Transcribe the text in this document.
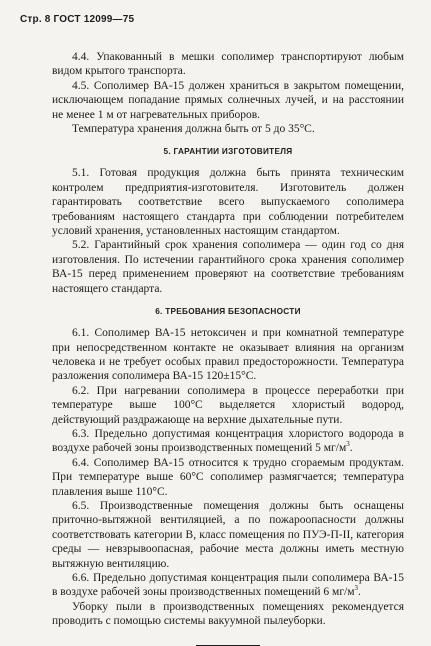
Стр. 8 ГОСТ 12099—75

4.4. Упакованный в мешки сополимер транспортируют любым видом крытого транспорта.

4.5. Сополимер ВА-15 должен храниться в закрытом помещении, исключающем попадание прямых солнечных лучей, и на расстоянии не менее 1 м от нагревательных приборов.

Температура хранения должна быть от 5 до 35°С.

5. ГАРАНТИИ ИЗГОТОВИТЕЛЯ

5.1. Готовая продукция должна быть принята техническим контролем предприятия-изготовителя. Изготовитель должен гарантировать соответствие всего выпускаемого сополимера требованиям настоящего стандарта при соблюдении потребителем условий хранения, установленных настоящим стандартом.

5.2. Гарантийный срок хранения сополимера — один год со дня изготовления. По истечении гарантийного срока хранения сополимер ВА-15 перед применением проверяют на соответствие требованиям настоящего стандарта.

6. ТРЕБОВАНИЯ БЕЗОПАСНОСТИ

6.1. Сополимер ВА-15 нетоксичен и при комнатной температуре при непосредственном контакте не оказывает влияния на организм человека и не требует особых правил предосторожности. Температура разложения сополимера ВА-15 120±15°С.

6.2. При нагревании сополимера в процессе переработки при температуре выше 100°С выделяется хлористый водород, действующий раздражающе на верхние дыхательные пути.

6.3. Предельно допустимая концентрация хлористого водорода в воздухе рабочей зоны производственных помещений 5 $мг/м^3$.

6.4. Сополимер ВА-15 относится к трудно сгораемым продуктам. При температуре выше 60°С сополимер размягчается; температура плавления выше 110°С.

6.5. Производственные помещения должны быть оснащены приточно-вытяжной вентиляцией, а по пожароопасности должны соответствовать категории В, класс помещения по ПУЭ-П-II, категория среды — невзрывоопасная, рабочие места должны иметь местную вытяжную вентиляцию.

6.6. Предельно допустимая концентрация пыли сополимера ВА-15 в воздухе рабочей зоны производственных помещений 6 $мг/м^3$.

Уборку пыли в производственных помещениях рекомендуется проводить с помощью системы вакуумной пылеуборки.
